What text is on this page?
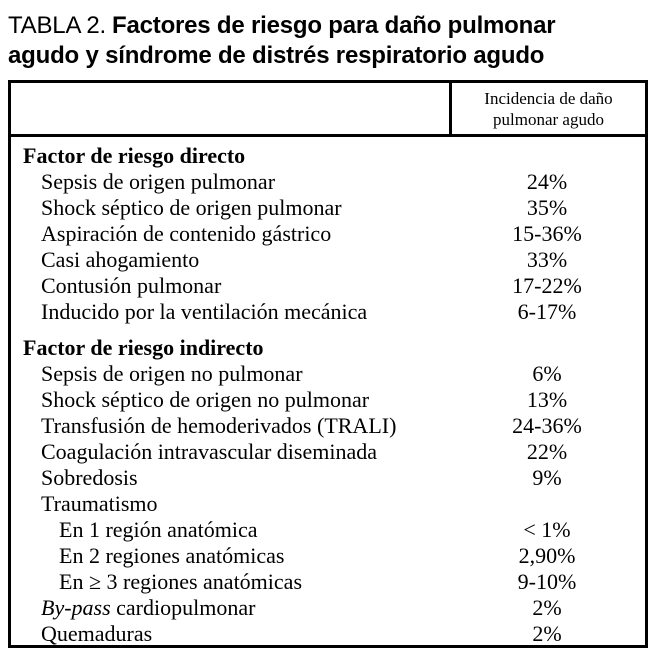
TABLA 2. Factores de riesgo para daño pulmonar agudo y síndrome de distrés respiratorio agudo
Incidencia de daño pulmonar agudo
Factor de riesgo directo
Sepsis de origen pulmonar	24%
Shock séptico de origen pulmonar	35%
Aspiración de contenido gástrico	15-36%
Casi ahogamiento	33%
Contusión pulmonar	17-22%
Inducido por la ventilación mecánica	6-17%
Factor de riesgo indirecto
Sepsis de origen no pulmonar	6%
Shock séptico de origen no pulmonar	13%
Transfusión de hemoderivados (TRALI)	24-36%
Coagulación intravascular diseminada	22%
Sobredosis	9%
Traumatismo
En 1 región anatómica	< 1%
En 2 regiones anatómicas	2,90%
En ≥ 3 regiones anatómicas	9-10%
By-pass cardiopulmonar	2%
Quemaduras	2%
